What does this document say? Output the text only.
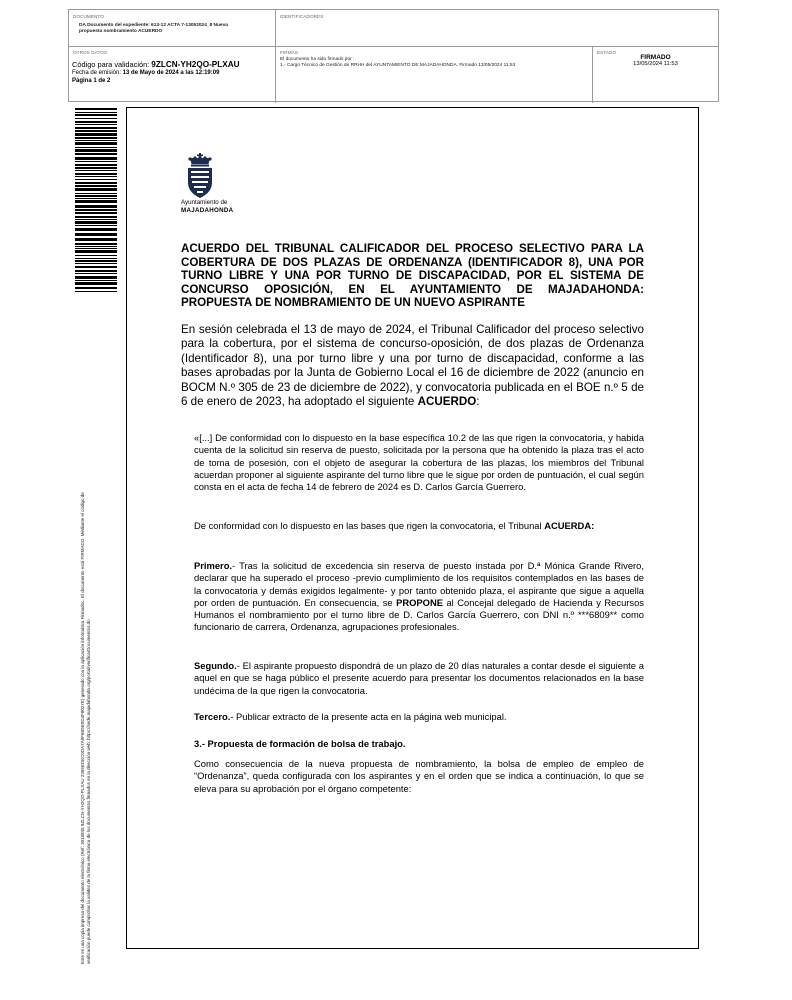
DOCUMENTO
DA Documento del expediente: 613-12 ACTA 7-13052024_8 Nueva
propuesta nombramiento ACUERDO
IDENTIFICADORES
OTROS DATOS	FIRMAS
El documento ha sido firmado por :
1.- Cargo Técnico de Gestión de RRHH del AYUNTAMIENTO DE MAJADAHONDA. Firmado 13/05/2024 11:53
ESTADO
FIRMADO
13/05/2024 11:53
Código para validación: 9ZLCN-YH2QO-PLXAU
Fecha de emisión: 13 de Mayo de 2024 a las 12:19:09
Página 1 de 2
Este es una copia impresa del documento electrónico (Ref: 3013845 9ZLCN-YH2QO-PLXAU 2365EDEC0DA7A9F6B5E0D4F8027E) generado con la aplicación informática Firmadoc. El documento está FIRMADO. Mediante el código de verificación puede comprobar la validez de la firma electrónica de los documentos firmados en la dirección web: https://sede.majadahonda.org/portal/verificarDocumentos.do
Ayuntamiento de
MAJADAHONDA
ACUERDO DEL TRIBUNAL CALIFICADOR DEL PROCESO SELECTIVO PARA LA COBERTURA DE DOS PLAZAS DE ORDENANZA (IDENTIFICADOR 8), UNA POR TURNO LIBRE Y UNA POR TURNO DE DISCAPACIDAD, POR EL SISTEMA DE CONCURSO OPOSICIÓN, EN EL AYUNTAMIENTO DE MAJADAHONDA: PROPUESTA DE NOMBRAMIENTO DE UN NUEVO ASPIRANTE
En sesión celebrada el 13 de mayo de 2024, el Tribunal Calificador del proceso selectivo para la cobertura, por el sistema de concurso-oposición, de dos plazas de Ordenanza (Identificador 8), una por turno libre y una por turno de discapacidad, conforme a las bases aprobadas por la Junta de Gobierno Local el 16 de diciembre de 2022 (anuncio en BOCM N.º 305 de 23 de diciembre de 2022), y convocatoria publicada en el BOE n.º 5 de 6 de enero de 2023, ha adoptado el siguiente ACUERDO:
«[...] De conformidad con lo dispuesto en la base específica 10.2 de las que rigen la convocatoria, y habida cuenta de la solicitud sin reserva de puesto, solicitada por la persona que ha obtenido la plaza tras el acto de toma de posesión, con el objeto de asegurar la cobertura de las plazas, los miembros del Tribunal acuerdan proponer al siguiente aspirante del turno libre que le sigue por orden de puntuación, el cual según consta en el acta de fecha 14 de febrero de 2024 es D. Carlos García Guerrero.
De conformidad con lo dispuesto en las bases que rigen la convocatoria, el Tribunal ACUERDA:
Primero.- Tras la solicitud de excedencia sin reserva de puesto instada por D.ª Mónica Grande Rivero, declarar que ha superado el proceso -previo cumplimiento de los requisitos contemplados en las bases de la convocatoria y demás exigidos legalmente- y por tanto obtenido plaza, el aspirante que sigue a aquella por orden de puntuación. En consecuencia, se PROPONE al Concejal delegado de Hacienda y Recursos Humanos el nombramiento por el turno libre de D. Carlos García Guerrero, con DNI n.º ***6809** como funcionario de carrera, Ordenanza, agrupaciones profesionales.
Segundo.- El aspirante propuesto dispondrá de un plazo de 20 días naturales a contar desde el siguiente a aquel en que se haga público el presente acuerdo para presentar los documentos relacionados en la base undécima de la que rigen la convocatoria.
Tercero.- Publicar extracto de la presente acta en la página web municipal.
3.- Propuesta de formación de bolsa de trabajo.
Como consecuencia de la nueva propuesta de nombramiento, la bolsa de empleo de empleo de “Ordenanza”, queda configurada con los aspirantes y en el orden que se indica a continuación, lo que se eleva para su aprobación por el órgano competente:
